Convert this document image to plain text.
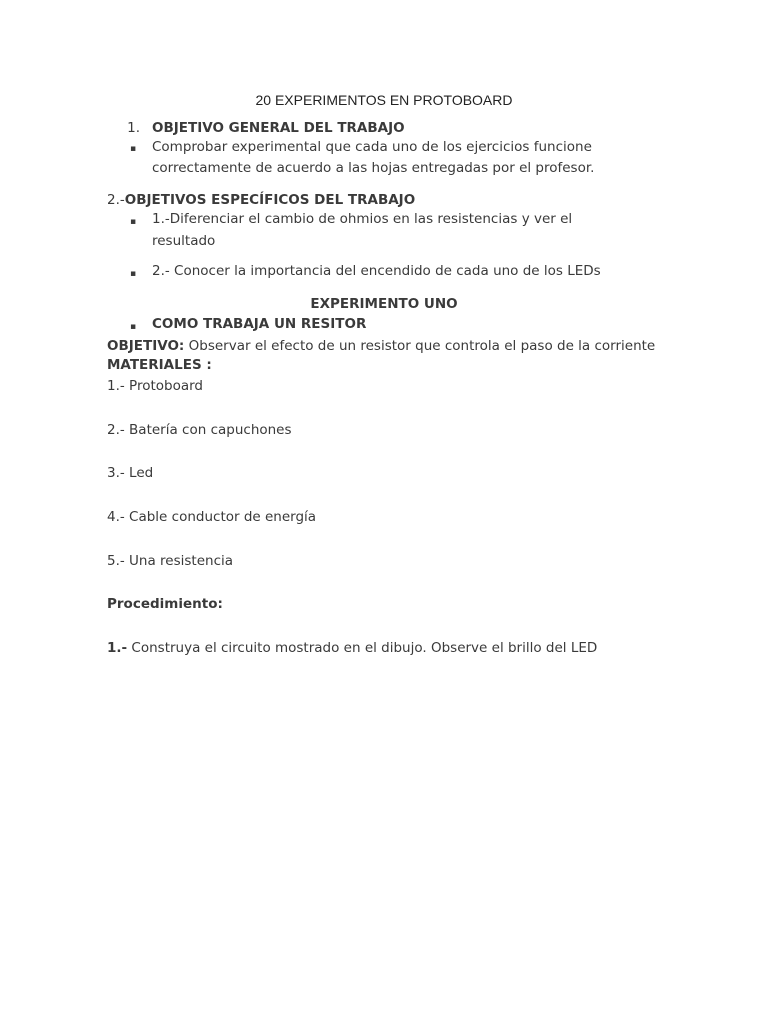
20 EXPERIMENTOS EN PROTOBOARD
1. OBJETIVO GENERAL DEL TRABAJO
▪ Comprobar experimental que cada uno de los ejercicios funcione
correctamente de acuerdo a las hojas entregadas por el profesor.
2.-OBJETIVOS ESPECÍFICOS DEL TRABAJO
▪ 1.-Diferenciar el cambio de ohmios en las resistencias y ver el
resultado
▪ 2.- Conocer la importancia del encendido de cada uno de los LEDs
EXPERIMENTO UNO
▪ COMO TRABAJA UN RESITOR
OBJETIVO: Observar el efecto de un resistor que controla el paso de la corriente
MATERIALES :
1.- Protoboard
2.- Batería con capuchones
3.- Led
4.- Cable conductor de energía
5.- Una resistencia
Procedimiento:
1.- Construya el circuito mostrado en el dibujo. Observe el brillo del LED
